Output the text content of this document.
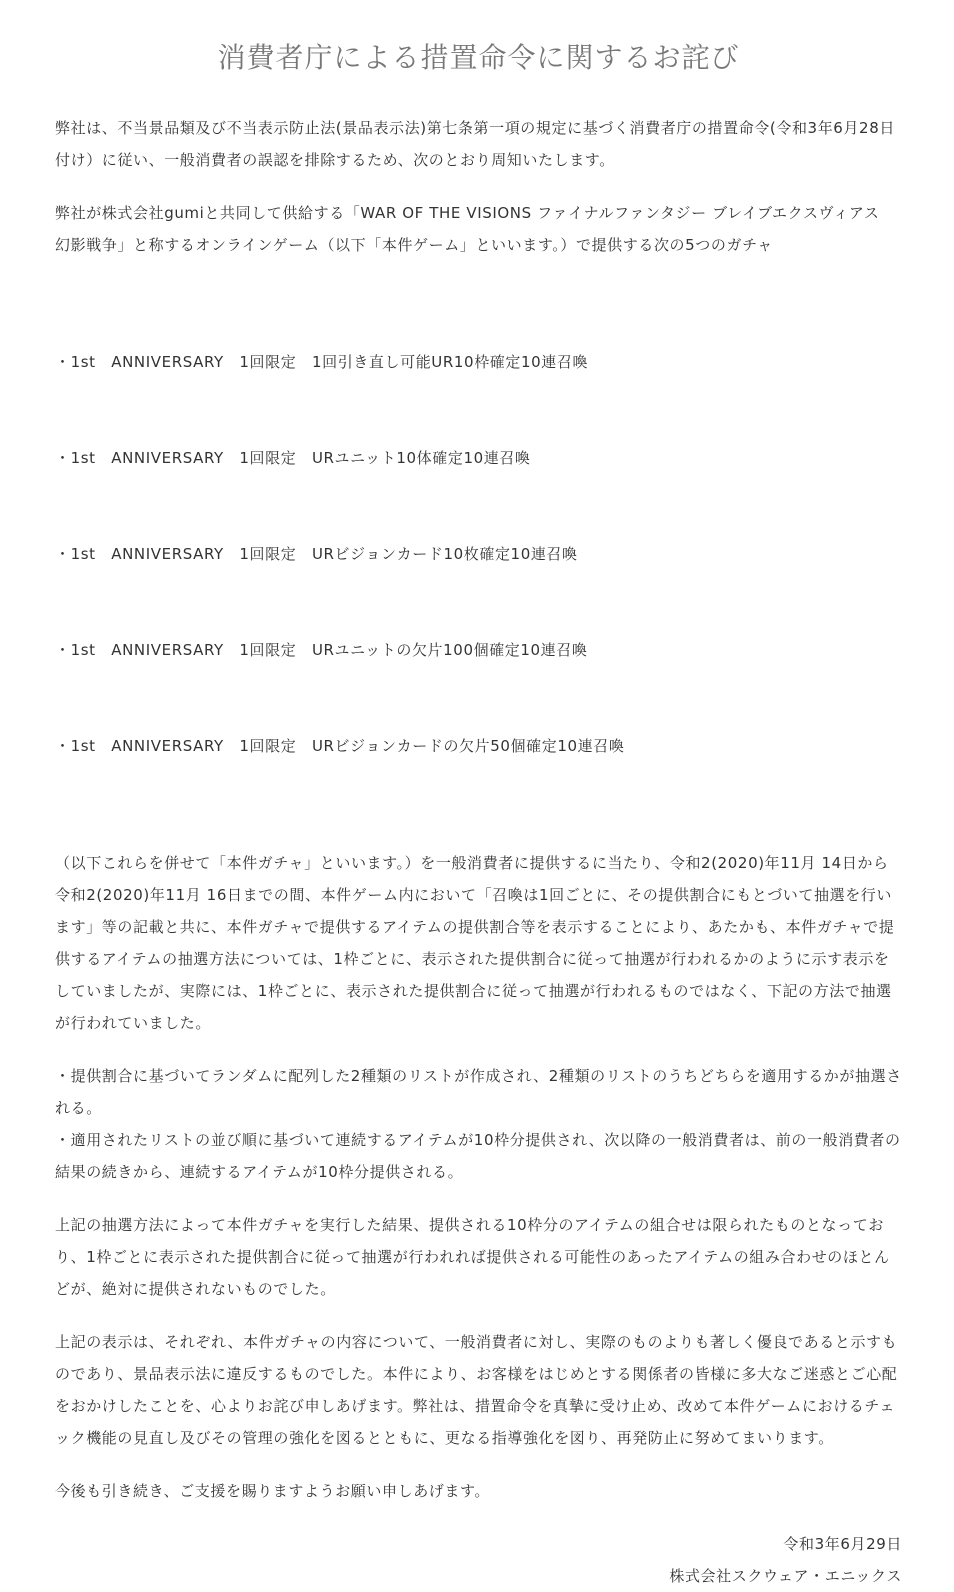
消費者庁による措置命令に関するお詫び

弊社は、不当景品類及び不当表示防止法(景品表示法)第七条第一項の規定に基づく消費者庁の措置命令(令和3年6月28日付け）に従い、一般消費者の誤認を排除するため、次のとおり周知いたします。

弊社が株式会社gumiと共同して供給する「WAR OF THE VISIONS ファイナルファンタジー ブレイブエクスヴィアス　幻影戦争」と称するオンラインゲーム（以下「本件ゲーム」といいます。）で提供する次の5つのガチャ

・1st　ANNIVERSARY　1回限定　1回引き直し可能UR10枠確定10連召喚

・1st　ANNIVERSARY　1回限定　URユニット10体確定10連召喚

・1st　ANNIVERSARY　1回限定　URビジョンカード10枚確定10連召喚

・1st　ANNIVERSARY　1回限定　URユニットの欠片100個確定10連召喚

・1st　ANNIVERSARY　1回限定　URビジョンカードの欠片50個確定10連召喚

（以下これらを併せて「本件ガチャ」といいます。）を一般消費者に提供するに当たり、令和2(2020)年11月 14日から令和2(2020)年11月 16日までの間、本件ゲーム内において「召喚は1回ごとに、その提供割合にもとづいて抽選を行います」等の記載と共に、本件ガチャで提供するアイテムの提供割合等を表示することにより、あたかも、本件ガチャで提供するアイテムの抽選方法については、1枠ごとに、表示された提供割合に従って抽選が行われるかのように示す表示をしていましたが、実際には、1枠ごとに、表示された提供割合に従って抽選が行われるものではなく、下記の方法で抽選が行われていました。

・提供割合に基づいてランダムに配列した2種類のリストが作成され、2種類のリストのうちどちらを適用するかが抽選される。
・適用されたリストの並び順に基づいて連続するアイテムが10枠分提供され、次以降の一般消費者は、前の一般消費者の結果の続きから、連続するアイテムが10枠分提供される。

上記の抽選方法によって本件ガチャを実行した結果、提供される10枠分のアイテムの組合せは限られたものとなっており、1枠ごとに表示された提供割合に従って抽選が行われれば提供される可能性のあったアイテムの組み合わせのほとんどが、絶対に提供されないものでした。

上記の表示は、それぞれ、本件ガチャの内容について、一般消費者に対し、実際のものよりも著しく優良であると示すものであり、景品表示法に違反するものでした。本件により、お客様をはじめとする関係者の皆様に多大なご迷惑とご心配をおかけしたことを、心よりお詫び申しあげます。弊社は、措置命令を真摯に受け止め、改めて本件ゲームにおけるチェック機能の見直し及びその管理の強化を図るとともに、更なる指導強化を図り、再発防止に努めてまいります。

今後も引き続き、ご支援を賜りますようお願い申しあげます。

令和3年6月29日
株式会社スクウェア・エニックス
